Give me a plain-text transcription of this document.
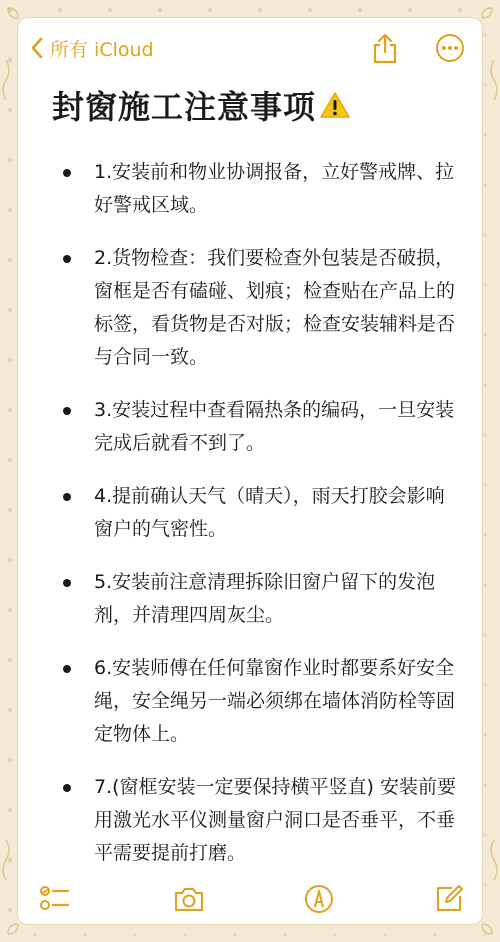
所有 iCloud
封窗施工注意事项
1.安装前和物业协调报备，立好警戒牌、拉好警戒区域。
2.货物检查：我们要检查外包装是否破损，窗框是否有磕碰、划痕；检查贴在产品上的标签，看货物是否对版；检查安装辅料是否与合同一致。
3.安装过程中查看隔热条的编码，一旦安装完成后就看不到了。
4.提前确认天气（晴天），雨天打胶会影响窗户的气密性。
5.安装前注意清理拆除旧窗户留下的发泡剂，并清理四周灰尘。
6.安装师傅在任何靠窗作业时都要系好安全绳，安全绳另一端必须绑在墙体消防栓等固定物体上。
7.(窗框安装一定要保持横平竖直) 安装前要用激光水平仪测量窗户洞口是否垂平，不垂平需要提前打磨。
